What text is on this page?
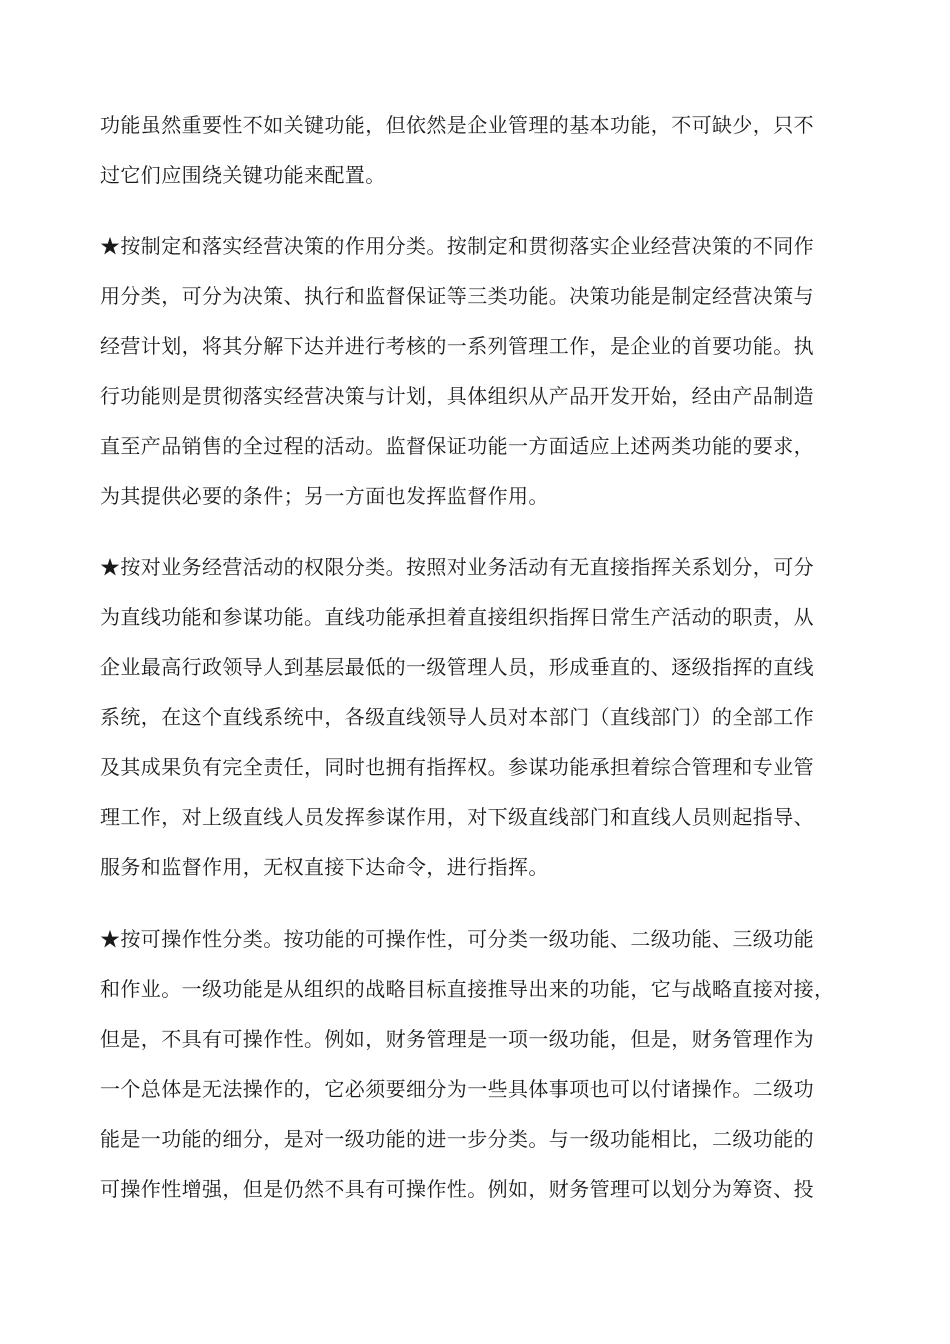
功能虽然重要性不如关键功能，但依然是企业管理的基本功能，不可缺少，只不
过它们应围绕关键功能来配置。
★按制定和落实经营决策的作用分类。按制定和贯彻落实企业经营决策的不同作
用分类，可分为决策、执行和监督保证等三类功能。决策功能是制定经营决策与
经营计划，将其分解下达并进行考核的一系列管理工作，是企业的首要功能。执
行功能则是贯彻落实经营决策与计划，具体组织从产品开发开始，经由产品制造
直至产品销售的全过程的活动。监督保证功能一方面适应上述两类功能的要求，
为其提供必要的条件；另一方面也发挥监督作用。
★按对业务经营活动的权限分类。按照对业务活动有无直接指挥关系划分，可分
为直线功能和参谋功能。直线功能承担着直接组织指挥日常生产活动的职责，从
企业最高行政领导人到基层最低的一级管理人员，形成垂直的、逐级指挥的直线
系统，在这个直线系统中，各级直线领导人员对本部门（直线部门）的全部工作
及其成果负有完全责任，同时也拥有指挥权。参谋功能承担着综合管理和专业管
理工作，对上级直线人员发挥参谋作用，对下级直线部门和直线人员则起指导、
服务和监督作用，无权直接下达命令，进行指挥。
★按可操作性分类。按功能的可操作性，可分类一级功能、二级功能、三级功能
和作业。一级功能是从组织的战略目标直接推导出来的功能，它与战略直接对接，
但是，不具有可操作性。例如，财务管理是一项一级功能，但是，财务管理作为
一个总体是无法操作的，它必须要细分为一些具体事项也可以付诸操作。二级功
能是一功能的细分，是对一级功能的进一步分类。与一级功能相比，二级功能的
可操作性增强，但是仍然不具有可操作性。例如，财务管理可以划分为筹资、投
